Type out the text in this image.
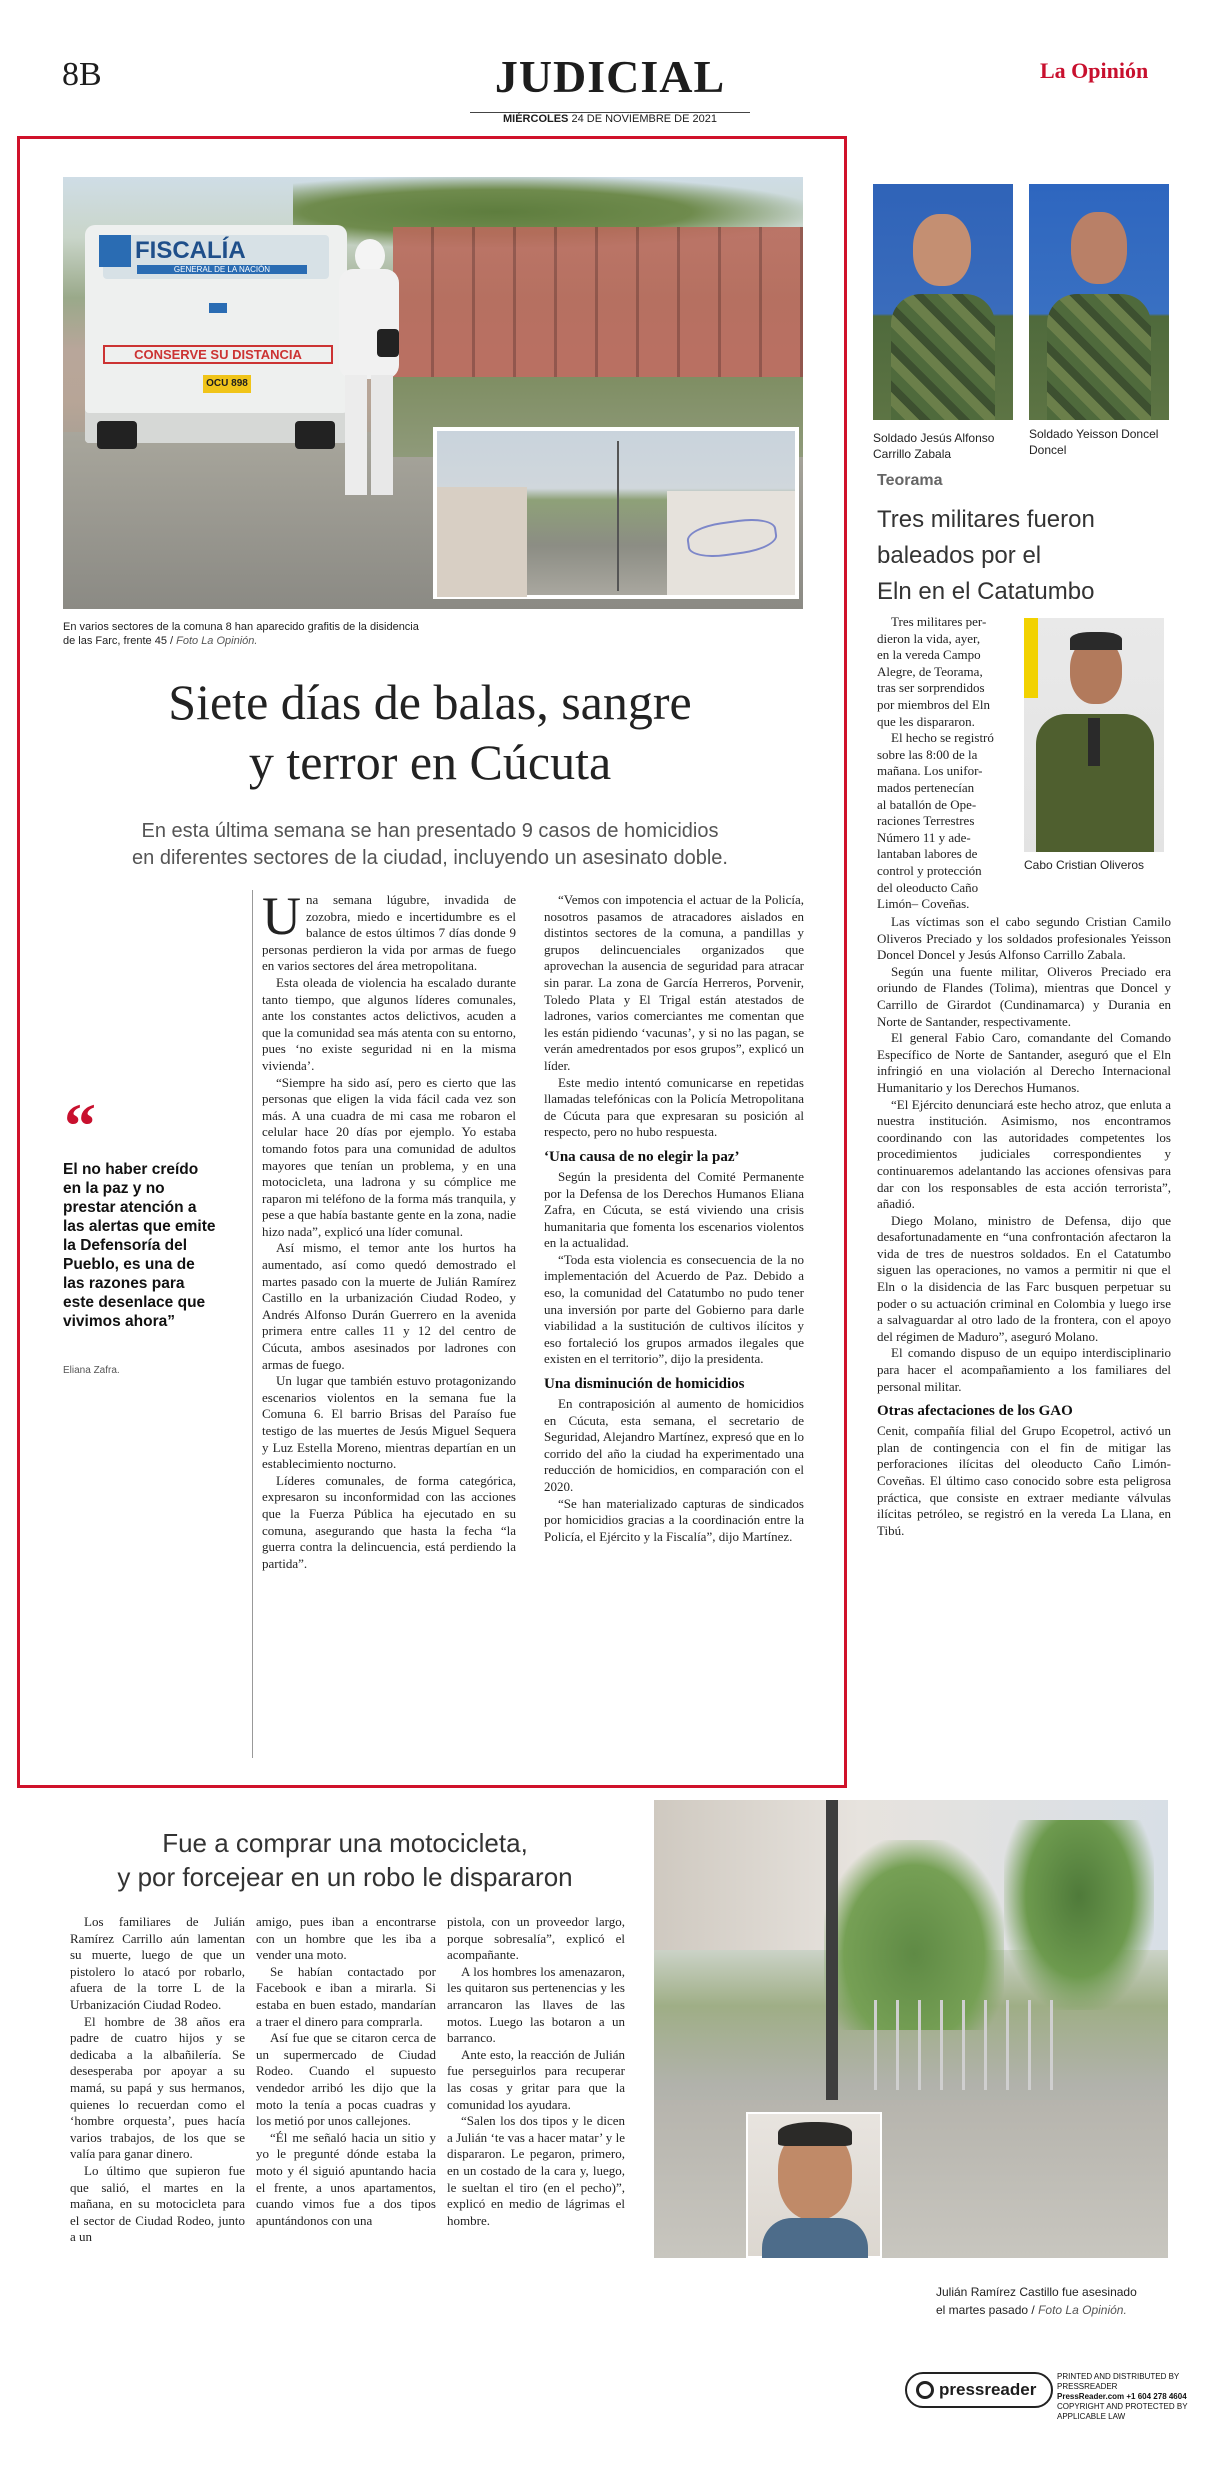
8B	JUDICIAL	La Opinión
MIÉRCOLES 24 DE NOVIEMBRE DE 2021
FISCALÍA
GENERAL DE LA NACIÓN
CONSERVE SU DISTANCIA
OCU 898
En varios sectores de la comuna 8 han aparecido grafitis de la disidencia de las Farc, frente 45 / Foto La Opinión.
Siete días de balas, sangre
y terror en Cúcuta
En esta última semana se han presentado 9 casos de homicidios
en diferentes sectores de la ciudad, incluyendo un asesinato doble.
“
El no haber creído en la paz y no prestar atención a las alertas que emite la Defensoría del Pueblo, es una de las razones para este desenlace que vivimos ahora”
Eliana Zafra.
U na semana lúgubre, invadida de zozobra, miedo e incertidumbre es el balance de estos últimos 7 días donde 9 personas perdieron la vida por armas de fuego en varios sectores del área metropolitana.

Esta oleada de violencia ha escalado durante tanto tiempo, que algunos líderes comunales, ante los constantes actos delictivos, acuden a que la comunidad sea más atenta con su entorno, pues ‘no existe seguridad ni en la misma vivienda’.

“Siempre ha sido así, pero es cierto que las personas que eligen la vida fácil cada vez son más. A una cuadra de mi casa me robaron el celular hace 20 días por ejemplo. Yo estaba tomando fotos para una comunidad de adultos mayores que tenían un problema, y en una motocicleta, una ladrona y su cómplice me raparon mi teléfono de la forma más tranquila, y pese a que había bastante gente en la zona, nadie hizo nada”, explicó una líder comunal.

Así mismo, el temor ante los hurtos ha aumentado, así como quedó demostrado el martes pasado con la muerte de Julián Ramírez Castillo en la urbanización Ciudad Rodeo, y Andrés Alfonso Durán Guerrero en la avenida primera entre calles 11 y 12 del centro de Cúcuta, ambos asesinados por ladrones con armas de fuego.

Un lugar que también estuvo protagonizando escenarios violentos en la semana fue la Comuna 6. El barrio Brisas del Paraíso fue testigo de las muertes de Jesús Miguel Sequera y Luz Estella Moreno, mientras departían en un establecimiento nocturno.

Líderes comunales, de forma categórica, expresaron su inconformidad con las acciones que la Fuerza Pública ha ejecutado en su comuna, asegurando que hasta la fecha “la guerra contra la delincuencia, está perdiendo la partida”.

“Vemos con impotencia el actuar de la Policía, nosotros pasamos de atracadores aislados en distintos sectores de la comuna, a pandillas y grupos delincuenciales organizados que aprovechan la ausencia de seguridad para atracar sin parar. La zona de García Herreros, Porvenir, Toledo Plata y El Trigal están atestados de ladrones, varios comerciantes me comentan que les están pidiendo ‘vacunas’, y si no las pagan, se verán amedrentados por esos grupos”, explicó un líder.

Este medio intentó comunicarse en repetidas llamadas telefónicas con la Policía Metropolitana de Cúcuta para que expresaran su posición al respecto, pero no hubo respuesta.

‘Una causa de no elegir la paz’

Según la presidenta del Comité Permanente por la Defensa de los Derechos Humanos Eliana Zafra, en Cúcuta, se está viviendo una crisis humanitaria que fomenta los escenarios violentos en la actualidad.

“Toda esta violencia es consecuencia de la no implementación del Acuerdo de Paz. Debido a eso, la comunidad del Catatumbo no pudo tener una inversión por parte del Gobierno para darle viabilidad a la sustitución de cultivos ilícitos y eso fortaleció los grupos armados ilegales que existen en el territorio”, dijo la presidenta.

Una disminución de homicidios

En contraposición al aumento de homicidios en Cúcuta, esta semana, el secretario de Seguridad, Alejandro Martínez, expresó que en lo corrido del año la ciudad ha experimentado una reducción de homicidios, en comparación con el 2020.

“Se han materializado capturas de sindicados por homicidios gracias a la coordinación entre la Policía, el Ejército y la Fiscalía”, dijo Martínez.

Soldado Jesús Alfonso Carrillo Zabala
Soldado Yeisson Doncel Doncel
Teorama
Tres militares fueron
baleados por el
Eln en el Catatumbo
Cabo Cristian Oliveros
Tres militares per-
dieron la vida, ayer,
en la vereda Campo
Alegre, de Teorama,
tras ser sorprendidos
por miembros del Eln
que les dispararon.
El hecho se registró
sobre las 8:00 de la
mañana. Los unifor-
mados pertenecían
al batallón de Ope-
raciones Terrestres
Número 11 y ade-
lantaban labores de
control y protección
del oleoducto Caño
Limón– Coveñas.

Las víctimas son el cabo segundo Cristian Camilo Oliveros Preciado y los soldados profesionales Yeisson Doncel Doncel y Jesús Alfonso Carrillo Zabala.

Según una fuente militar, Oliveros Preciado era oriundo de Flandes (Tolima), mientras que Doncel y Carrillo de Girardot (Cundinamarca) y Durania en Norte de Santander, respectivamente.

El general Fabio Caro, comandante del Comando Específico de Norte de Santander, aseguró que el Eln infringió en una violación al Derecho Internacional Humanitario y los Derechos Humanos.

“El Ejército denunciará este hecho atroz, que enluta a nuestra institución. Asimismo, nos encontramos coordinando con las autoridades competentes los procedimientos judiciales correspondientes y continuaremos adelantando las acciones ofensivas para dar con los responsables de esta acción terrorista”, añadió.

Diego Molano, ministro de Defensa, dijo que desafortunadamente en “una confrontación afectaron la vida de tres de nuestros soldados. En el Catatumbo siguen las operaciones, no vamos a permitir ni que el Eln o la disidencia de las Farc busquen perpetuar su poder o su actuación criminal en Colombia y luego irse a salvaguardar al otro lado de la frontera, con el apoyo del régimen de Maduro”, aseguró Molano.

El comando dispuso de un equipo interdisciplinario para hacer el acompañamiento a los familiares del personal militar.

Otras afectaciones de los GAO

Cenit, compañía filial del Grupo Ecopetrol, activó un plan de contingencia con el fin de mitigar las perforaciones ilícitas del oleoducto Caño Limón- Coveñas. El último caso conocido sobre esta peligrosa práctica, que consiste en extraer mediante válvulas ilícitas petróleo, se registró en la vereda La Llana, en Tibú.

Fue a comprar una motocicleta,
y por forcejear en un robo le dispararon

Los familiares de Julián Ramírez Carrillo aún lamentan su muerte, luego de que un pistolero lo atacó por robarlo, afuera de la torre L de la Urbanización Ciudad Rodeo.

El hombre de 38 años era padre de cuatro hijos y se dedicaba a la albañilería. Se desesperaba por apoyar a su mamá, su papá y sus hermanos, quienes lo recuerdan como el ‘hombre orquesta’, pues hacía varios trabajos, de los que se valía para ganar dinero.

Lo último que supieron fue que salió, el martes en la mañana, en su motocicleta para el sector de Ciudad Rodeo, junto a un

amigo, pues iban a encontrarse con un hombre que les iba a vender una moto.

Se habían contactado por Facebook e iban a mirarla. Si estaba en buen estado, mandarían a traer el dinero para comprarla.

Así fue que se citaron cerca de un supermercado de Ciudad Rodeo. Cuando el supuesto vendedor arribó les dijo que la moto la tenía a pocas cuadras y los metió por unos callejones.

“Él me señaló hacia un sitio y yo le pregunté dónde estaba la moto y él siguió apuntando hacia el frente, a unos apartamentos, cuando vimos fue a dos tipos apuntándonos con una

pistola, con un proveedor largo, porque sobresalía”, explicó el acompañante.

A los hombres los amenazaron, les quitaron sus pertenencias y les arrancaron las llaves de las motos. Luego las botaron a un barranco.

Ante esto, la reacción de Julián fue perseguirlos para recuperar las cosas y gritar para que la comunidad los ayudara.

“Salen los dos tipos y le dicen a Julián ‘te vas a hacer matar’ y le dispararon. Le pegaron, primero, en un costado de la cara y, luego, le sueltan el tiro (en el pecho)”, explicó en medio de lágrimas el hombre.

Julián Ramírez Castillo fue asesinado
el martes pasado / Foto La Opinión.
pressreader
PRINTED AND DISTRIBUTED BY PRESSREADER
PressReader.com +1 604 278 4604
COPYRIGHT AND PROTECTED BY APPLICABLE LAW
